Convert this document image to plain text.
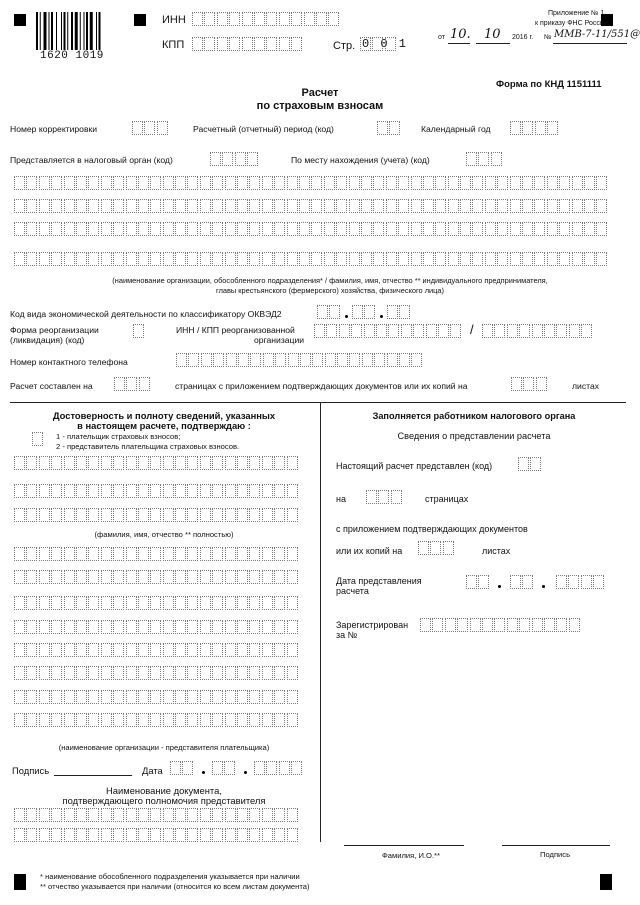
1620 1019
ИНН
КПП	Стр. 0 0 1
Приложение № 1
к приказу ФНС России
от 10. 10 2016 г. № ММВ-7-11/551@
Форма по КНД 1151111
Расчет
по страховым взносам
Номер корректировки	Расчетный (отчетный) период (код)	Календарный год
Представляется в налоговый орган (код)	По месту нахождения (учета) (код)
(наименование организации, обособленного подразделения* / фамилия, имя, отчество ** индивидуального предпринимателя,
главы крестьянского (фермерского) хозяйства, физического лица)
Код вида экономической деятельности по классификатору ОКВЭД2
Форма реорганизации
(ликвидация) (код)
ИНН / КПП реорганизованной
организации
/
Номер контактного телефона
Расчет составлен на	страницах с приложением подтверждающих документов или их копий на	листах
Достоверность и полноту сведений, указанных
в настоящем расчете, подтверждаю :
1 - плательщик страховых взносов;
2 - представитель плательщика страховых взносов.
(фамилия, имя, отчество ** полностью)
(наименование организации - представителя плательщика)
Подпись	Дата
Наименование документа,
подтверждающего полномочия представителя
Заполняется работником налогового органа
Сведения о представлении расчета
Настоящий расчет представлен (код)
на	страницах
с приложением подтверждающих документов
или их копий на	листах
Дата представления
расчета
Зарегистрирован
за №
Фамилия, И.О.**	Подпись
* наименование обособленного подразделения указывается при наличии
** отчество указывается при наличии (относится ко всем листам документа)
